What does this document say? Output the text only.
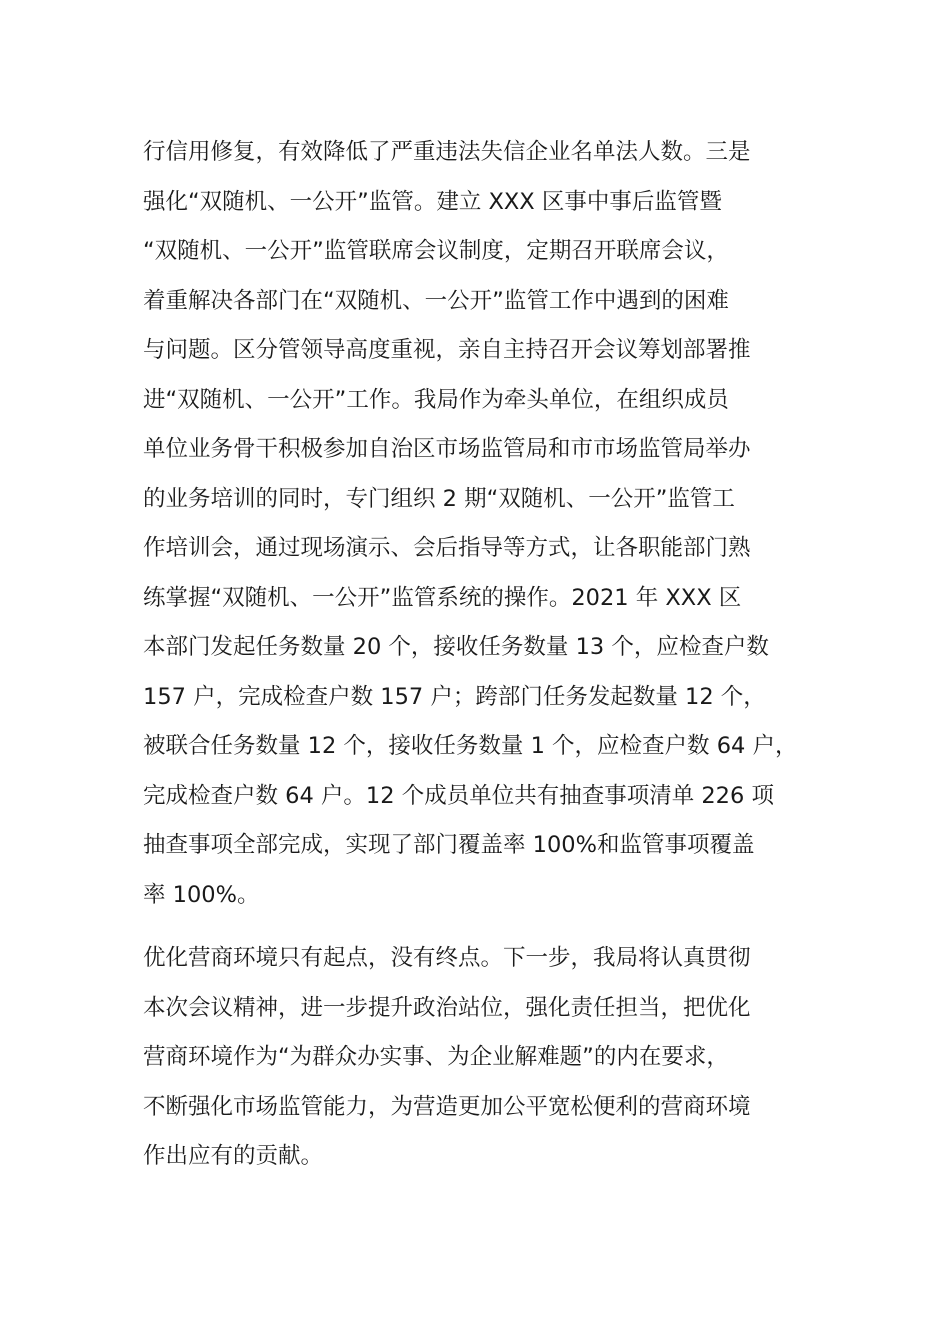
行信用修复，有效降低了严重违法失信企业名单法人数。三是
强化“双随机、一公开”监管。建立 XXX 区事中事后监管暨
“双随机、一公开”监管联席会议制度，定期召开联席会议，
着重解决各部门在“双随机、一公开”监管工作中遇到的困难
与问题。区分管领导高度重视，亲自主持召开会议筹划部署推
进“双随机、一公开”工作。我局作为牵头单位，在组织成员
单位业务骨干积极参加自治区市场监管局和市市场监管局举办
的业务培训的同时，专门组织 2 期“双随机、一公开”监管工
作培训会，通过现场演示、会后指导等方式，让各职能部门熟
练掌握“双随机、一公开”监管系统的操作。2021 年 XXX 区
本部门发起任务数量 20 个，接收任务数量 13 个，应检查户数
157 户，完成检查户数 157 户；跨部门任务发起数量 12 个，
被联合任务数量 12 个，接收任务数量 1 个，应检查户数 64 户，
完成检查户数 64 户。12 个成员单位共有抽查事项清单 226 项
抽查事项全部完成，实现了部门覆盖率 100%和监管事项覆盖
率 100%。
优化营商环境只有起点，没有终点。下一步，我局将认真贯彻
本次会议精神，进一步提升政治站位，强化责任担当，把优化
营商环境作为“为群众办实事、为企业解难题”的内在要求，
不断强化市场监管能力，为营造更加公平宽松便利的营商环境
作出应有的贡献。
